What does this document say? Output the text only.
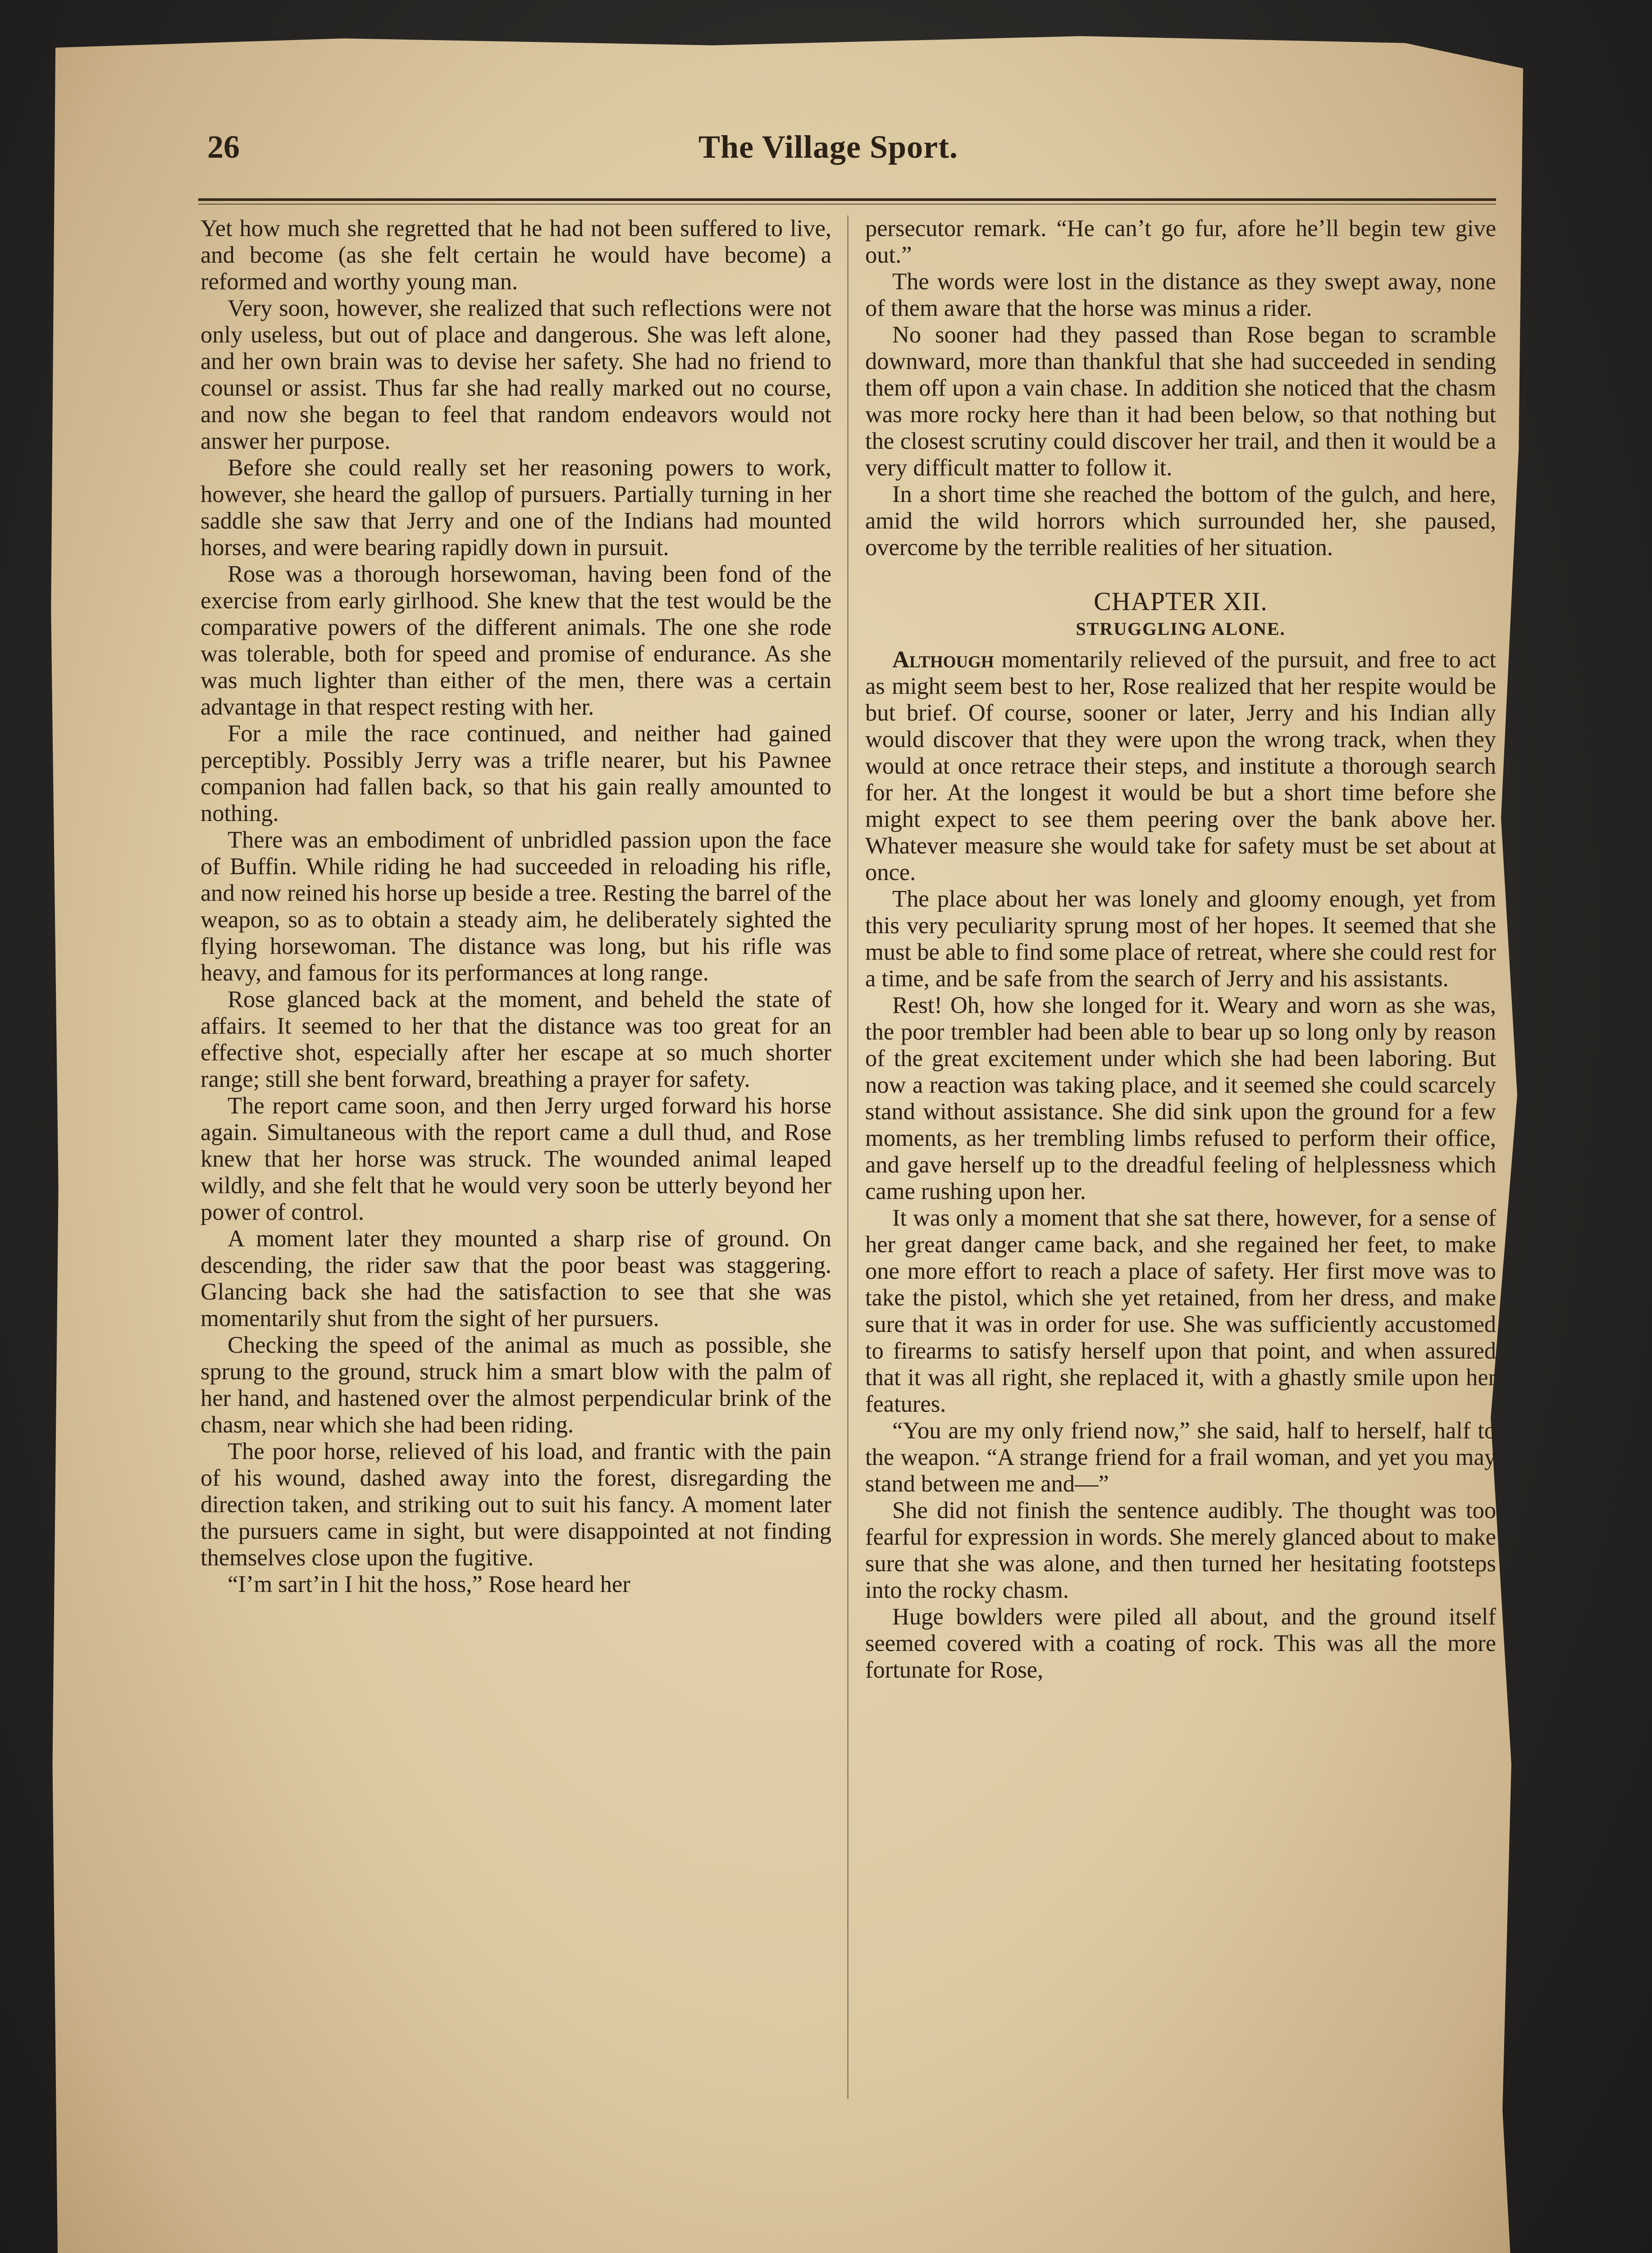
26	The Village Sport.

Yet how much she regretted that he had not been suffered to live, and become (as she felt certain he would have become) a reformed and worthy young man.

Very soon, however, she realized that such reflections were not only useless, but out of place and dangerous. She was left alone, and her own brain was to devise her safety. She had no friend to counsel or assist. Thus far she had really marked out no course, and now she began to feel that random endeavors would not answer her purpose.

Before she could really set her reasoning powers to work, however, she heard the gallop of pursuers. Partially turning in her saddle she saw that Jerry and one of the Indians had mounted horses, and were bearing rapidly down in pursuit.

Rose was a thorough horsewoman, having been fond of the exercise from early girlhood. She knew that the test would be the comparative powers of the different animals. The one she rode was tolerable, both for speed and promise of endurance. As she was much lighter than either of the men, there was a certain advantage in that respect resting with her.

For a mile the race continued, and neither had gained perceptibly. Possibly Jerry was a trifle nearer, but his Pawnee companion had fallen back, so that his gain really amounted to nothing.

There was an embodiment of unbridled passion upon the face of Buffin. While riding he had succeeded in reloading his rifle, and now reined his horse up beside a tree. Resting the barrel of the weapon, so as to obtain a steady aim, he deliberately sighted the flying horsewoman. The distance was long, but his rifle was heavy, and famous for its performances at long range.

Rose glanced back at the moment, and beheld the state of affairs. It seemed to her that the distance was too great for an effective shot, especially after her escape at so much shorter range; still she bent forward, breathing a prayer for safety.

The report came soon, and then Jerry urged forward his horse again. Simultaneous with the report came a dull thud, and Rose knew that her horse was struck. The wounded animal leaped wildly, and she felt that he would very soon be utterly beyond her power of control.

A moment later they mounted a sharp rise of ground. On descending, the rider saw that the poor beast was staggering. Glancing back she had the satisfaction to see that she was momentarily shut from the sight of her pursuers.

Checking the speed of the animal as much as possible, she sprung to the ground, struck him a smart blow with the palm of her hand, and hastened over the almost perpendicular brink of the chasm, near which she had been riding.

The poor horse, relieved of his load, and frantic with the pain of his wound, dashed away into the forest, disregarding the direction taken, and striking out to suit his fancy. A moment later the pursuers came in sight, but were disappointed at not finding themselves close upon the fugitive.

“I’m sart’in I hit the hoss,” Rose heard her

persecutor remark. “He can’t go fur, afore he’ll begin tew give out.”

The words were lost in the distance as they swept away, none of them aware that the horse was minus a rider.

No sooner had they passed than Rose began to scramble downward, more than thankful that she had succeeded in sending them off upon a vain chase. In addition she noticed that the chasm was more rocky here than it had been below, so that nothing but the closest scrutiny could discover her trail, and then it would be a very difficult matter to follow it.

In a short time she reached the bottom of the gulch, and here, amid the wild horrors which surrounded her, she paused, overcome by the terrible realities of her situation.

CHAPTER XII.
STRUGGLING ALONE.

Although momentarily relieved of the pursuit, and free to act as might seem best to her, Rose realized that her respite would be but brief. Of course, sooner or later, Jerry and his Indian ally would discover that they were upon the wrong track, when they would at once retrace their steps, and institute a thorough search for her. At the longest it would be but a short time before she might expect to see them peering over the bank above her. Whatever measure she would take for safety must be set about at once.

The place about her was lonely and gloomy enough, yet from this very peculiarity sprung most of her hopes. It seemed that she must be able to find some place of retreat, where she could rest for a time, and be safe from the search of Jerry and his assistants.

Rest! Oh, how she longed for it. Weary and worn as she was, the poor trembler had been able to bear up so long only by reason of the great excitement under which she had been laboring. But now a reaction was taking place, and it seemed she could scarcely stand without assistance. She did sink upon the ground for a few moments, as her trembling limbs refused to perform their office, and gave herself up to the dreadful feeling of helplessness which came rushing upon her.

It was only a moment that she sat there, however, for a sense of her great danger came back, and she regained her feet, to make one more effort to reach a place of safety. Her first move was to take the pistol, which she yet retained, from her dress, and make sure that it was in order for use. She was sufficiently accustomed to firearms to satisfy herself upon that point, and when assured that it was all right, she replaced it, with a ghastly smile upon her features.

“You are my only friend now,” she said, half to herself, half to the weapon. “A strange friend for a frail woman, and yet you may stand between me and—”

She did not finish the sentence audibly. The thought was too fearful for expression in words. She merely glanced about to make sure that she was alone, and then turned her hesitating footsteps into the rocky chasm.

Huge bowlders were piled all about, and the ground itself seemed covered with a coating of rock. This was all the more fortunate for Rose,
